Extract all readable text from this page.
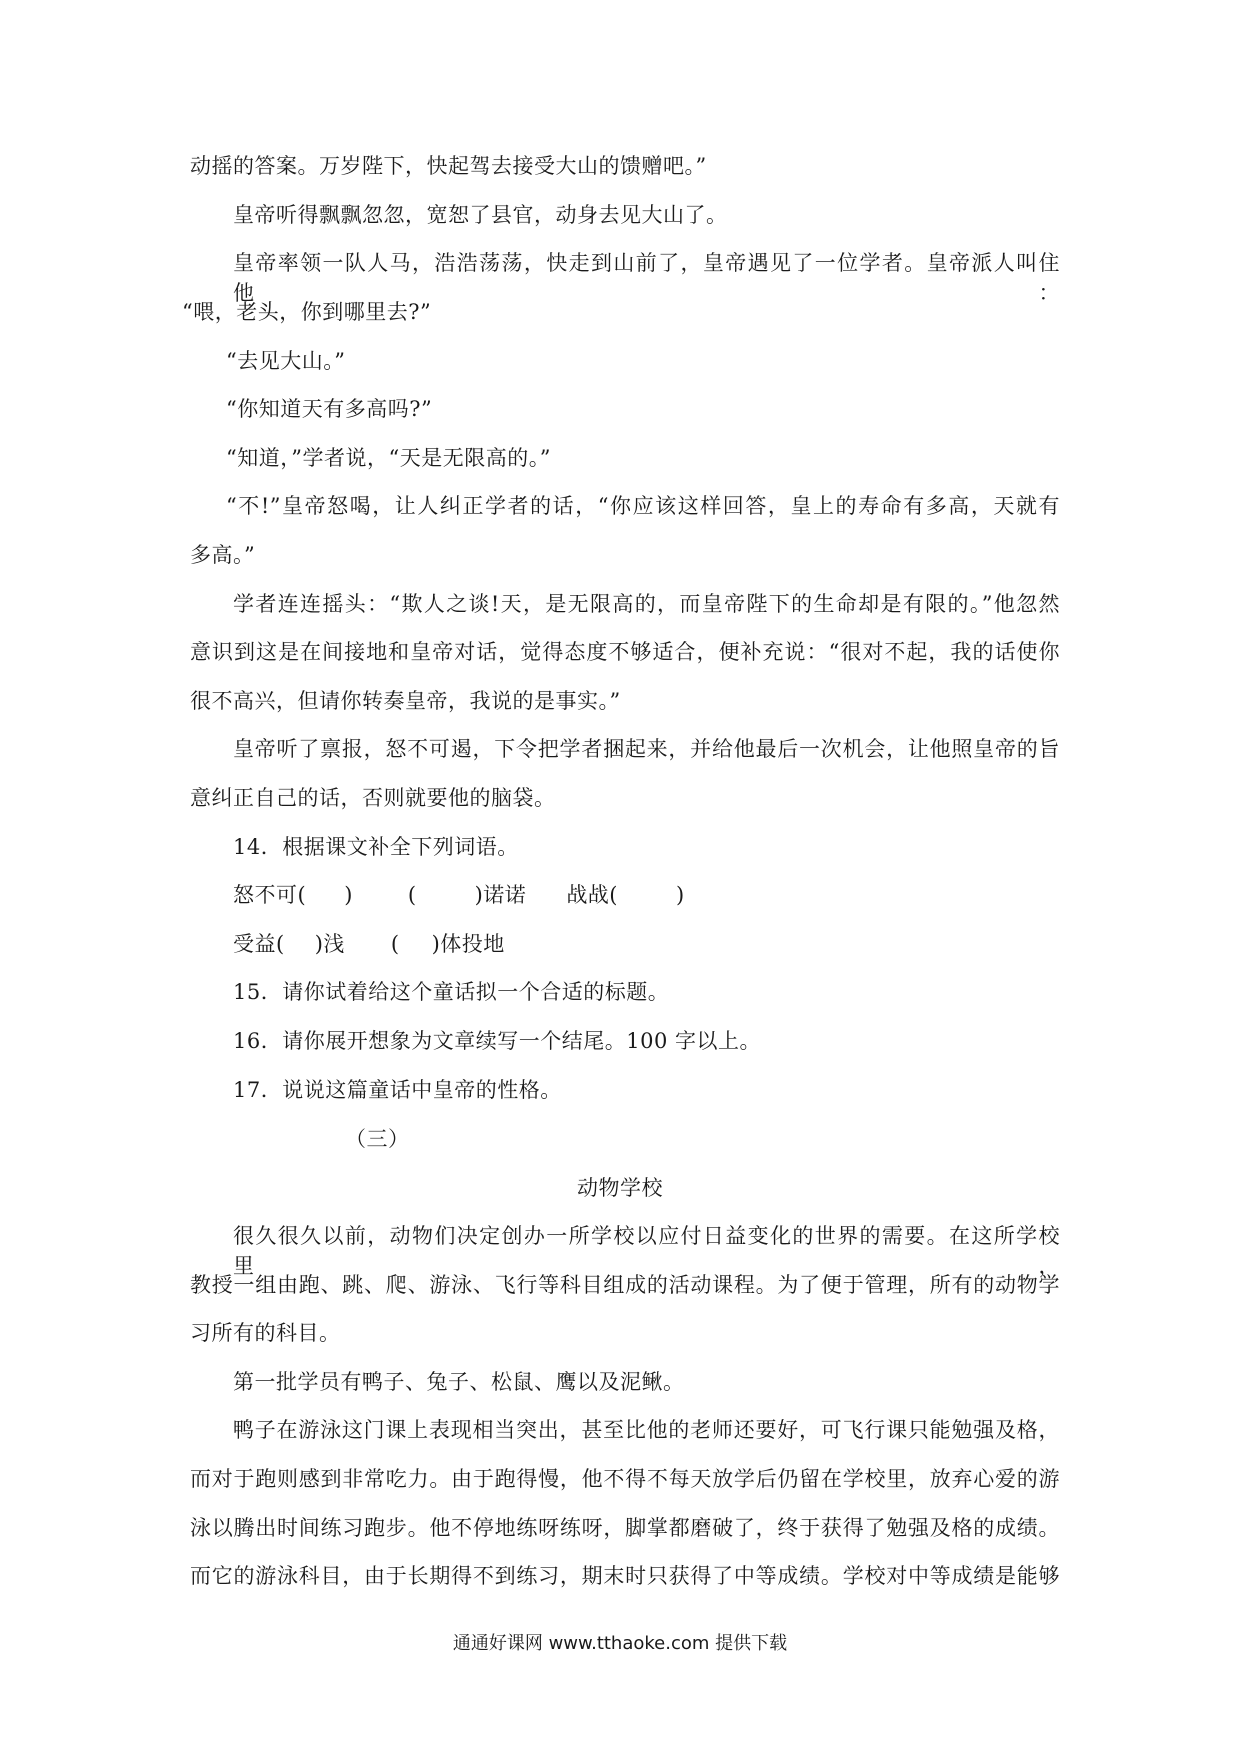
动摇的答案。万岁陛下，快起驾去接受大山的馈赠吧。”
皇帝听得飘飘忽忽，宽恕了县官，动身去见大山了。
皇帝率领一队人马，浩浩荡荡，快走到山前了，皇帝遇见了一位学者。皇帝派人叫住他：
“喂，老头，你到哪里去?”
“去见大山。”
“你知道天有多高吗?”
“知道，”学者说，“天是无限高的。”
“不!”皇帝怒喝，让人纠正学者的话，“你应该这样回答，皇上的寿命有多高，天就有
多高。”
学者连连摇头：“欺人之谈!天，是无限高的，而皇帝陛下的生命却是有限的。”他忽然
意识到这是在间接地和皇帝对话，觉得态度不够适合，便补充说：“很对不起，我的话使你
很不高兴，但请你转奏皇帝，我说的是事实。”
皇帝听了禀报，怒不可遏，下令把学者捆起来，并给他最后一次机会，让他照皇帝的旨
意纠正自己的话，否则就要他的脑袋。
14．根据课文补全下列词语。
怒不可( )	(	)诺诺 战战(	)
受益( )浅 ( )体投地
15．请你试着给这个童话拟一个合适的标题。
16．请你展开想象为文章续写一个结尾。100 字以上。
17．说说这篇童话中皇帝的性格。
（三）
动物学校
很久很久以前，动物们决定创办一所学校以应付日益变化的世界的需要。在这所学校里，
教授一组由跑、跳、爬、游泳、飞行等科目组成的活动课程。为了便于管理，所有的动物学
习所有的科目。
第一批学员有鸭子、兔子、松鼠、鹰以及泥鳅。
鸭子在游泳这门课上表现相当突出，甚至比他的老师还要好，可飞行课只能勉强及格，
而对于跑则感到非常吃力。由于跑得慢，他不得不每天放学后仍留在学校里，放弃心爱的游
泳以腾出时间练习跑步。他不停地练呀练呀，脚掌都磨破了，终于获得了勉强及格的成绩。
而它的游泳科目，由于长期得不到练习，期末时只获得了中等成绩。学校对中等成绩是能够
通通好课网 www.tthaoke.com 提供下载
